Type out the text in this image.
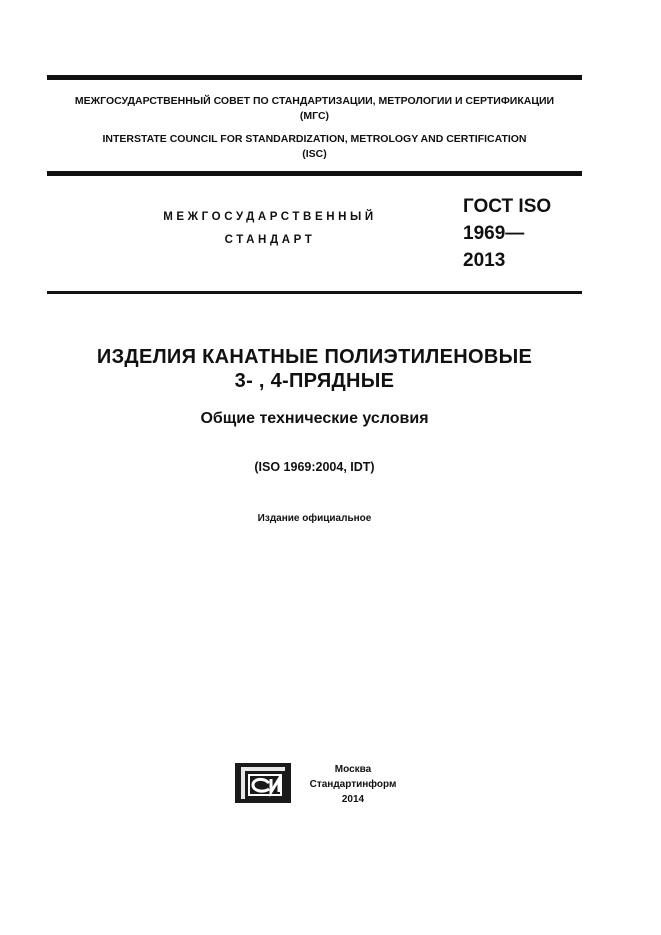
МЕЖГОСУДАРСТВЕННЫЙ СОВЕТ ПО СТАНДАРТИЗАЦИИ, МЕТРОЛОГИИ И СЕРТИФИКАЦИИ
(МГС)
INTERSTATE COUNCIL FOR STANDARDIZATION, METROLOGY AND CERTIFICATION
(ISC)
МЕЖГОСУДАРСТВЕННЫЙ
СТАНДАРТ
ГОСТ ISO
1969—
2013
ИЗДЕЛИЯ КАНАТНЫЕ ПОЛИЭТИЛЕНОВЫЕ
3- , 4-ПРЯДНЫЕ
Общие технические условия
(ISO 1969:2004, IDT)
Издание официальное
Москва
Стандартинформ
2014
